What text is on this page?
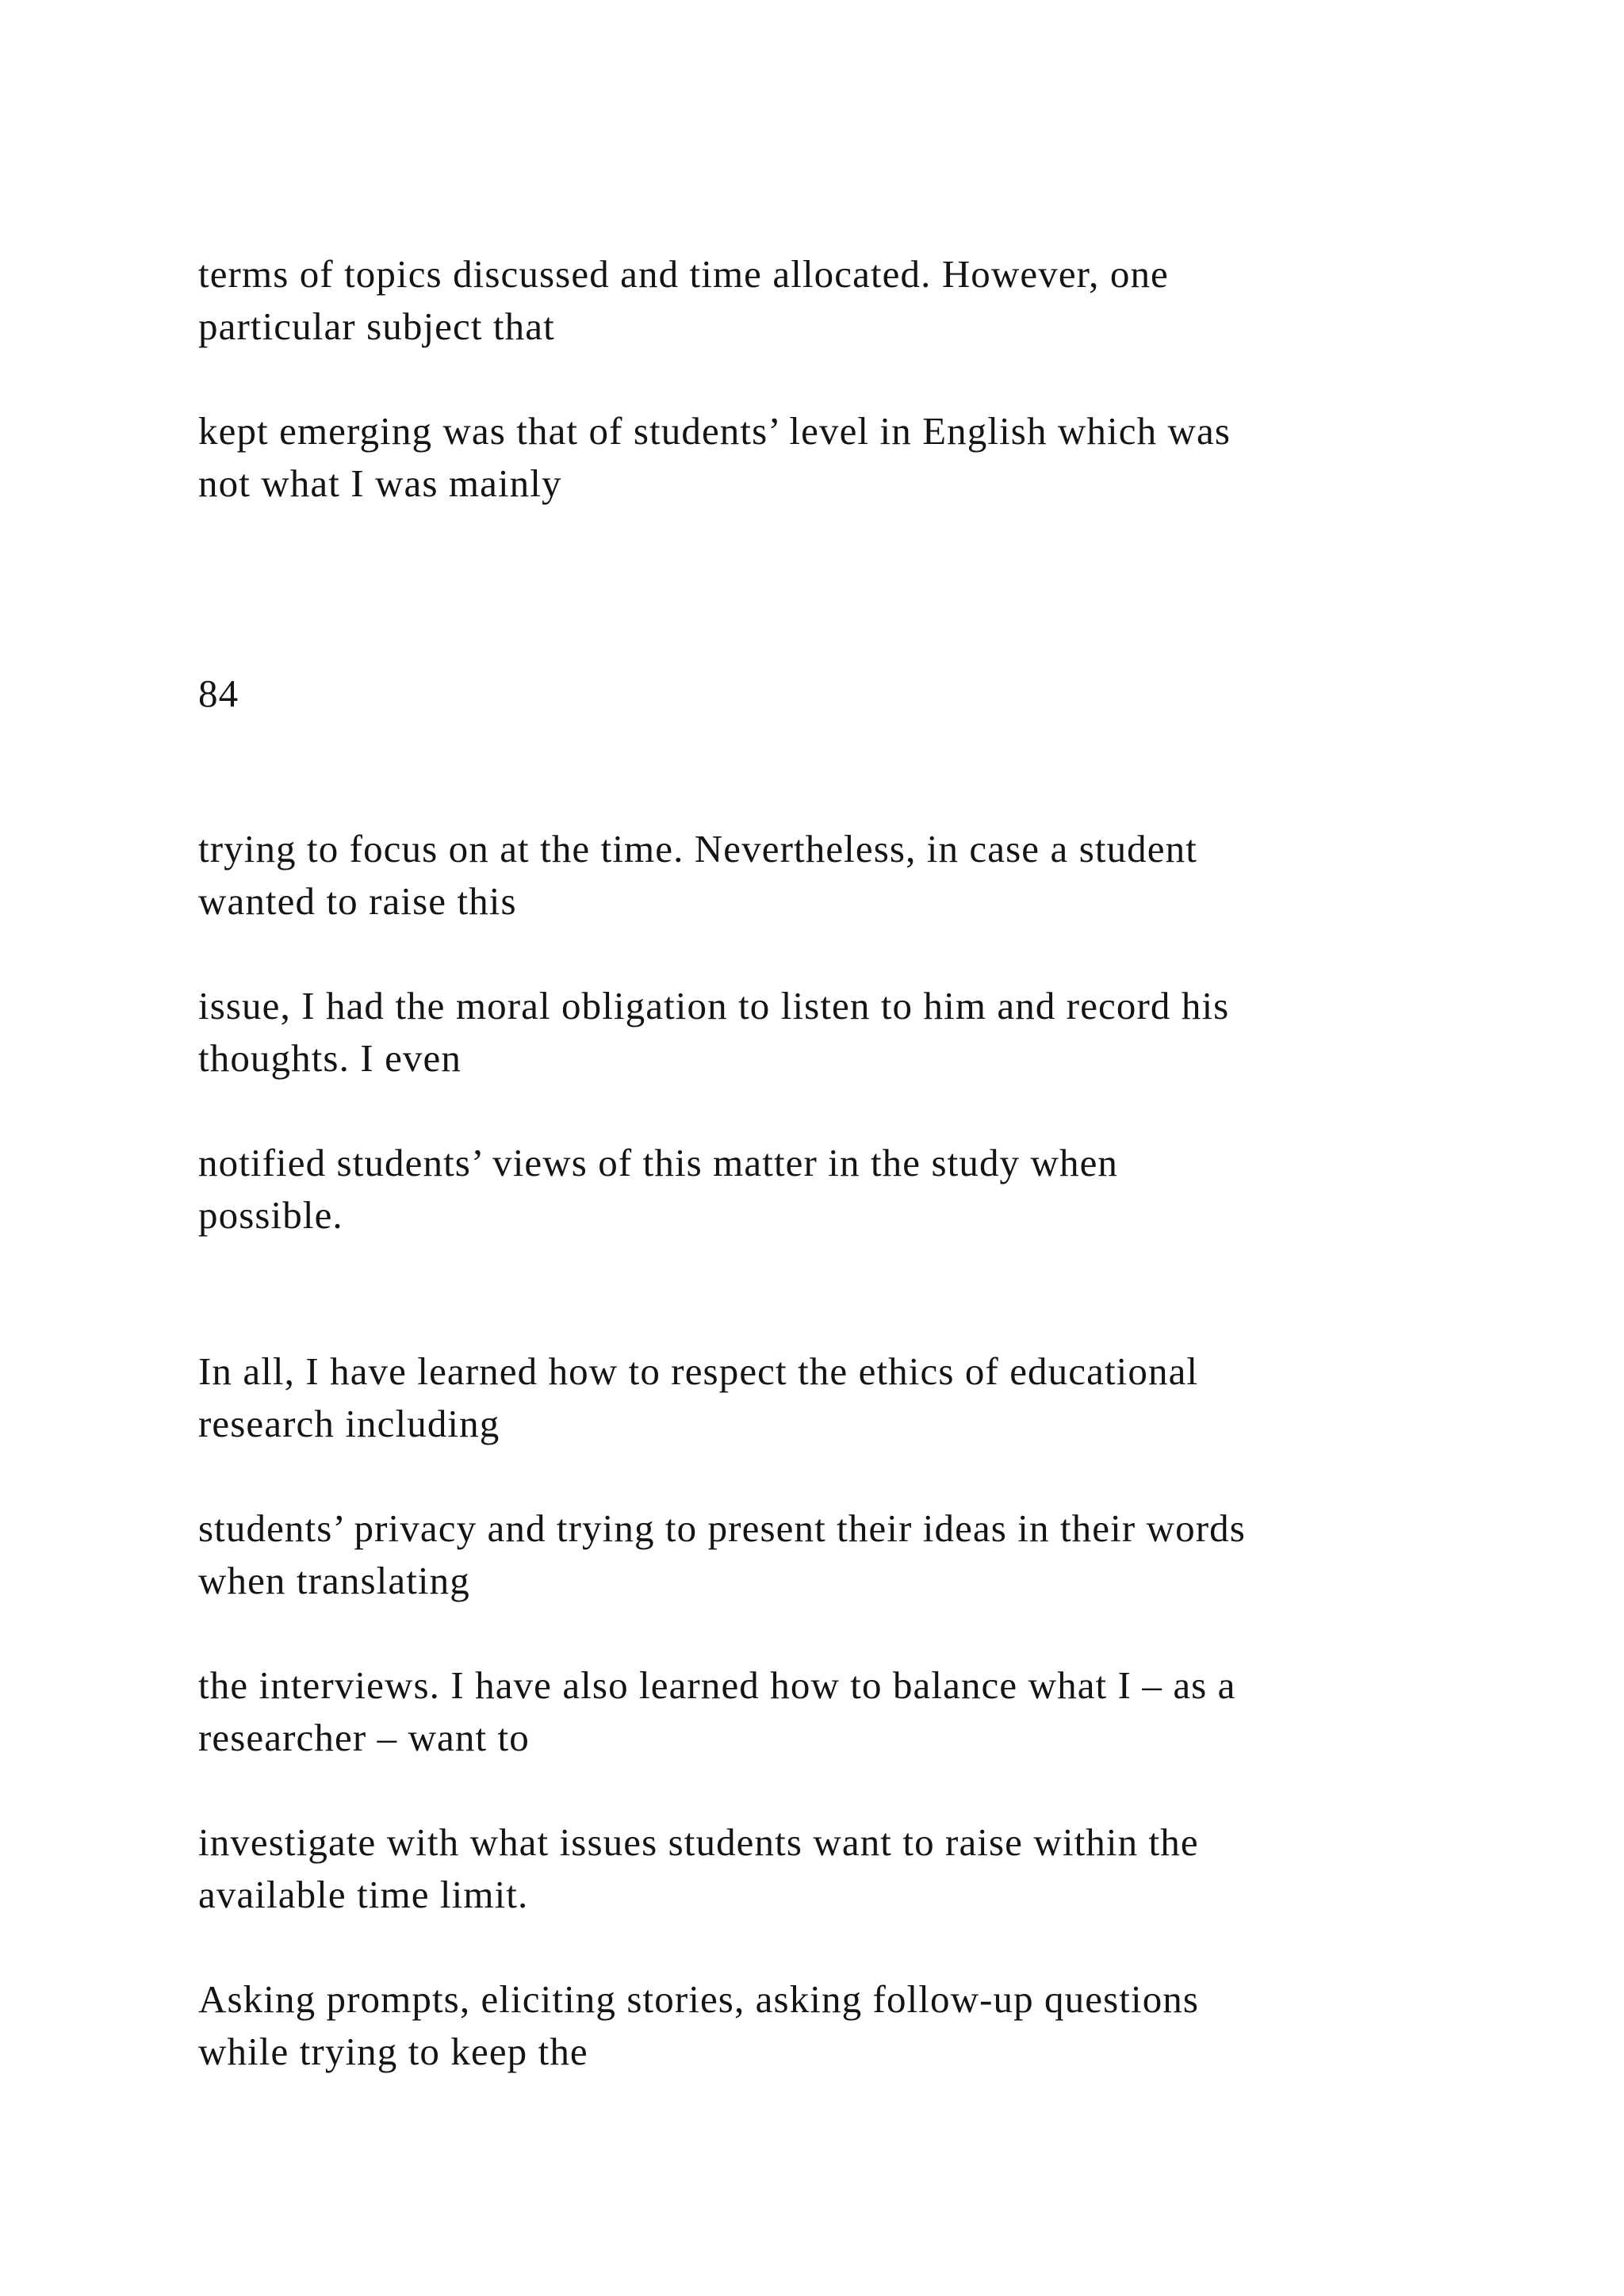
terms of topics discussed and time allocated. However, one

particular subject that

kept emerging was that of students’ level in English which was

not what I was mainly

84

trying to focus on at the time. Nevertheless, in case a student

wanted to raise this

issue, I had the moral obligation to listen to him and record his

thoughts. I even

notified students’ views of this matter in the study when

possible.

In all, I have learned how to respect the ethics of educational

research including

students’ privacy and trying to present their ideas in their words

when translating

the interviews. I have also learned how to balance what I – as a

researcher – want to

investigate with what issues students want to raise within the

available time limit.

Asking prompts, eliciting stories, asking follow-up questions

while trying to keep the
